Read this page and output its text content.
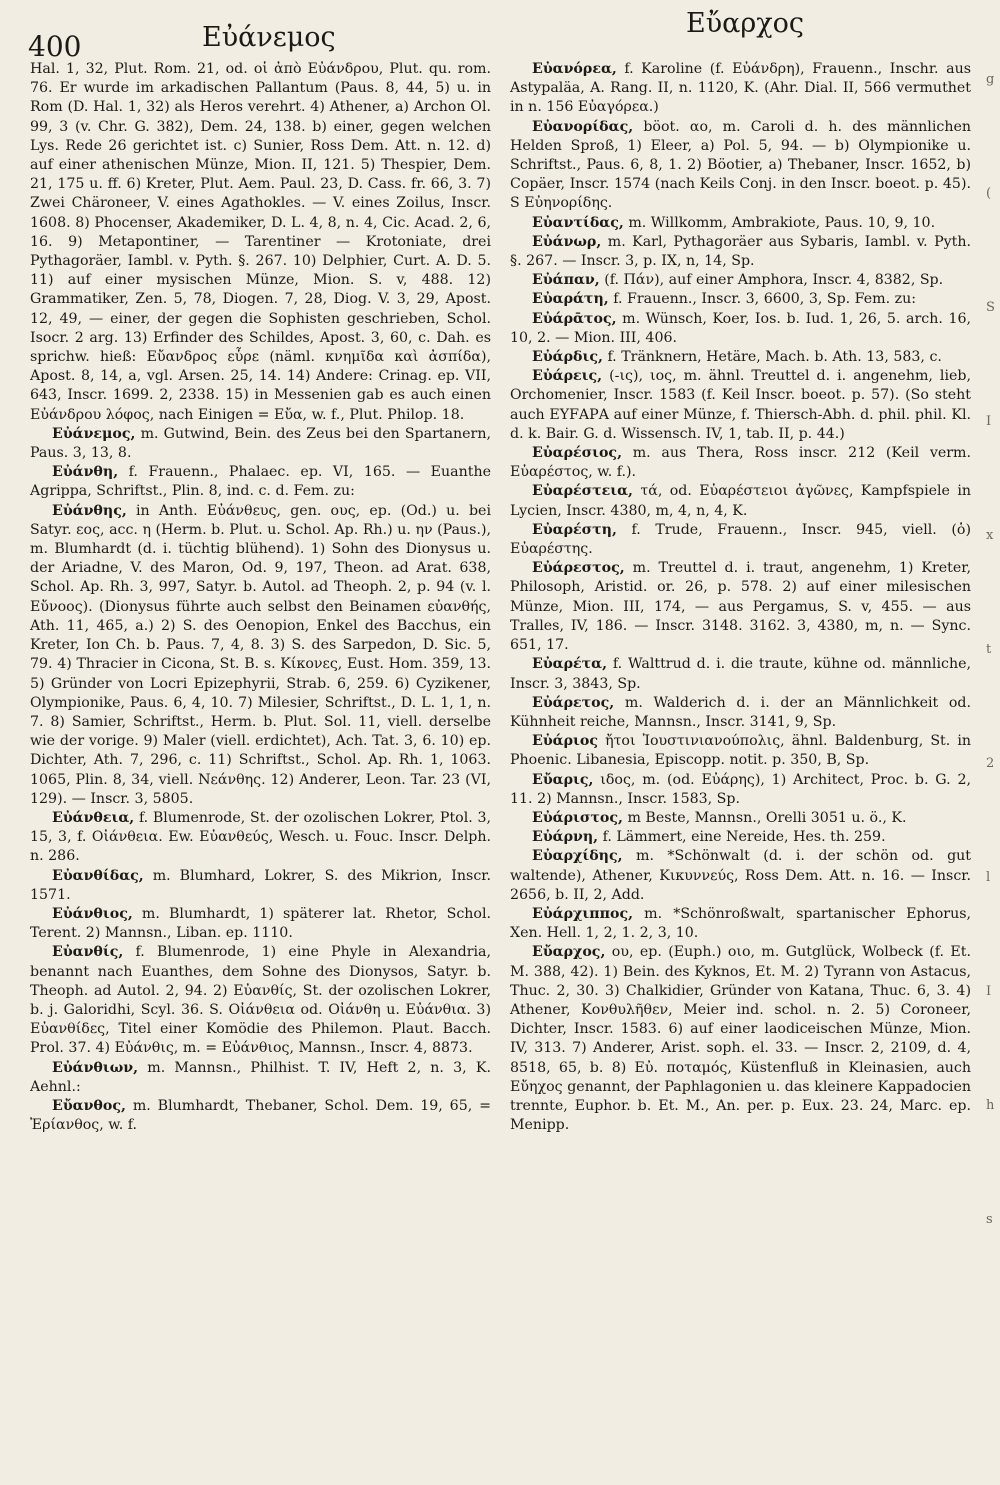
400	Εὐάνεμος	Εὔαρχος

Hal. 1, 32, Plut. Rom. 21, od. οἱ ἀπὸ Εὐάνδρου, Plut. qu. rom. 76. Er wurde im arkadischen Pallantum (Paus. 8, 44, 5) u. in Rom (D. Hal. 1, 32) als Heros verehrt. 4) Athener, a) Archon Ol. 99, 3 (v. Chr. G. 382), Dem. 24, 138. b) einer, gegen welchen Lys. Rede 26 gerichtet ist. c) Sunier, Ross Dem. Att. n. 12. d) auf einer athenischen Münze, Mion. II, 121. 5) Thespier, Dem. 21, 175 u. ff. 6) Kreter, Plut. Aem. Paul. 23, D. Cass. fr. 66, 3. 7) Zwei Chäroneer, V. eines Agathokles. — V. eines Zoilus, Inscr. 1608. 8) Phocenser, Akademiker, D. L. 4, 8, n. 4, Cic. Acad. 2, 6, 16. 9) Metapontiner, — Tarentiner — Krotoniate, drei Pythagoräer, Iambl. v. Pyth. §. 267. 10) Delphier, Curt. A. D. 5. 11) auf einer mysischen Münze, Mion. S. v, 488. 12) Grammatiker, Zen. 5, 78, Diogen. 7, 28, Diog. V. 3, 29, Apost. 12, 49, — einer, der gegen die Sophisten geschrieben, Schol. Isocr. 2 arg. 13) Erfinder des Schildes, Apost. 3, 60, c. Dah. es sprichw. hieß: Εὔανδρος εὗρε (näml. κνημῖδα καὶ ἀσπίδα), Apost. 8, 14, a, vgl. Arsen. 25, 14. 14) Andere: Crinag. ep. VII, 643, Inscr. 1699. 2, 2338. 15) in Messenien gab es auch einen Εὐάνδρου λόφος, nach Einigen = Εὔα, w. f., Plut. Philop. 18.

Εὐάνεμος, m. Gutwind, Bein. des Zeus bei den Spartanern, Paus. 3, 13, 8.

Εὐάνθη, f. Frauenn., Phalaec. ep. VI, 165. — Euanthe Agrippa, Schriftst., Plin. 8, ind. c. d. Fem. zu:

Εὐάνθης, in Anth. Εὐάνθευς, gen. ους, ep. (Od.) u. bei Satyr. εος, acc. η (Herm. b. Plut. u. Schol. Ap. Rh.) u. ην (Paus.), m. Blumhardt (d. i. tüchtig blühend). 1) Sohn des Dionysus u. der Ariadne, V. des Maron, Od. 9, 197, Theon. ad Arat. 638, Schol. Ap. Rh. 3, 997, Satyr. b. Autol. ad Theoph. 2, p. 94 (v. l. Εὔνοος). (Dionysus führte auch selbst den Beinamen εὐανθής, Ath. 11, 465, a.) 2) S. des Oenopion, Enkel des Bacchus, ein Kreter, Ion Ch. b. Paus. 7, 4, 8. 3) S. des Sarpedon, D. Sic. 5, 79. 4) Thracier in Cicona, St. B. s. Κίκονες, Eust. Hom. 359, 13. 5) Gründer von Locri Epizephyrii, Strab. 6, 259. 6) Cyzikener, Olympionike, Paus. 6, 4, 10. 7) Milesier, Schriftst., D. L. 1, 1, n. 7. 8) Samier, Schriftst., Herm. b. Plut. Sol. 11, viell. derselbe wie der vorige. 9) Maler (viell. erdichtet), Ach. Tat. 3, 6. 10) ep. Dichter, Ath. 7, 296, c. 11) Schriftst., Schol. Ap. Rh. 1, 1063. 1065, Plin. 8, 34, viell. Νεάνθης. 12) Anderer, Leon. Tar. 23 (VI, 129). — Inscr. 3, 5805.

Εὐάνθεια, f. Blumenrode, St. der ozolischen Lokrer, Ptol. 3, 15, 3, f. Οἰάνθεια. Ew. Εὐανθεύς, Wesch. u. Fouc. Inscr. Delph. n. 286.

Εὐανθίδας, m. Blumhard, Lokrer, S. des Mikrion, Inscr. 1571.

Εὐάνθιος, m. Blumhardt, 1) späterer lat. Rhetor, Schol. Terent. 2) Mannsn., Liban. ep. 1110.

Εὐανθίς, f. Blumenrode, 1) eine Phyle in Alexandria, benannt nach Euanthes, dem Sohne des Dionysos, Satyr. b. Theoph. ad Autol. 2, 94. 2) Εὐανθίς, St. der ozolischen Lokrer, b. j. Galoridhi, Scyl. 36. S. Οἰάνθεια od. Οἰάνθη u. Εὐάνθια. 3) Εὐανθίδες, Titel einer Komödie des Philemon. Plaut. Bacch. Prol. 37. 4) Εὐάνθις, m. = Εὐάνθιος, Mannsn., Inscr. 4, 8873.

Εὐάνθιων, m. Mannsn., Philhist. T. IV, Heft 2, n. 3, K. Aehnl.:

Εὔανθος, m. Blumhardt, Thebaner, Schol. Dem. 19, 65, = Ἐρίανθος, w. f.

Εὐανόρεα, f. Karoline (f. Εὐάνδρη), Frauenn., Inschr. aus Astypaläa, A. Rang. II, n. 1120, K. (Ahr. Dial. II, 566 vermuthet in n. 156 Εὐαγόρεα.)

Εὐανορίδας, böot. αο, m. Caroli d. h. des männlichen Helden Sproß, 1) Eleer, a) Pol. 5, 94. — b) Olympionike u. Schriftst., Paus. 6, 8, 1. 2) Böotier, a) Thebaner, Inscr. 1652, b) Copäer, Inscr. 1574 (nach Keils Conj. in den Inscr. boeot. p. 45). S Εὐηνορίδης.

Εὐαντίδας, m. Willkomm, Ambrakiote, Paus. 10, 9, 10.

Εὐάνωρ, m. Karl, Pythagoräer aus Sybaris, Iambl. v. Pyth. §. 267. — Inscr. 3, p. IX, n, 14, Sp.

Εὐάπαν, (f. Πάν), auf einer Amphora, Inscr. 4, 8382, Sp.

Εὐαράτη, f. Frauenn., Inscr. 3, 6600, 3, Sp. Fem. zu:

Εὐάρᾱτος, m. Wünsch, Koer, Ios. b. Iud. 1, 26, 5. arch. 16, 10, 2. — Mion. III, 406.

Εὐάρδις, f. Tränknern, Hetäre, Mach. b. Ath. 13, 583, c.

Εὐάρεις, (-ις), ιος, m. ähnl. Treuttel d. i. angenehm, lieb, Orchomenier, Inscr. 1583 (f. Keil Inscr. boeot. p. 57). (So steht auch ΕΥFΑΡΑ auf einer Münze, f. Thiersch-Abh. d. phil. phil. Kl. d. k. Bair. G. d. Wissensch. IV, 1, tab. II, p. 44.)

Εὐαρέσιος, m. aus Thera, Ross inscr. 212 (Keil verm. Εὐαρέστος, w. f.).

Εὐαρέστεια, τά, od. Εὐαρέστειοι ἀγῶνες, Kampfspiele in Lycien, Inscr. 4380, m, 4, n, 4, K.

Εὐαρέστη, f. Trude, Frauenn., Inscr. 945, viell. (ὁ) Εὐαρέστης.

Εὐάρεστος, m. Treuttel d. i. traut, angenehm, 1) Kreter, Philosoph, Aristid. or. 26, p. 578. 2) auf einer milesischen Münze, Mion. III, 174, — aus Pergamus, S. v, 455. — aus Tralles, IV, 186. — Inscr. 3148. 3162. 3, 4380, m, n. — Sync. 651, 17.

Εὐαρέτα, f. Walttrud d. i. die traute, kühne od. männliche, Inscr. 3, 3843, Sp.

Εὐάρετος, m. Walderich d. i. der an Männlichkeit od. Kühnheit reiche, Mannsn., Inscr. 3141, 9, Sp.

Εὐάριος ἤτοι Ἰουστινιανούπολις, ähnl. Baldenburg, St. in Phoenic. Libanesia, Episcopp. notit. p. 350, B, Sp.

Εὔαρις, ιδος, m. (od. Εὐάρης), 1) Architect, Proc. b. G. 2, 11. 2) Mannsn., Inscr. 1583, Sp.

Εὐάριστος, m Beste, Mannsn., Orelli 3051 u. ö., K.

Εὐάρνη, f. Lämmert, eine Nereide, Hes. th. 259.

Εὐαρχίδης, m. *Schönwalt (d. i. der schön od. gut waltende), Athener, Κικυννεύς, Ross Dem. Att. n. 16. — Inscr. 2656, b. II, 2, Add.

Εὐάρχιππος, m. *Schönroßwalt, spartanischer Ephorus, Xen. Hell. 1, 2, 1. 2, 3, 10.

Εὔαρχος, ου, ep. (Euph.) οιο, m. Gutglück, Wolbeck (f. Et. M. 388, 42). 1) Bein. des Kyknos, Et. M. 2) Tyrann von Astacus, Thuc. 2, 30. 3) Chalkidier, Gründer von Katana, Thuc. 6, 3. 4) Athener, Κονθυλῆθεν, Meier ind. schol. n. 2. 5) Coroneer, Dichter, Inscr. 1583. 6) auf einer laodiceischen Münze, Mion. IV, 313. 7) Anderer, Arist. soph. el. 33. — Inscr. 2, 2109, d. 4, 8518, 65, b. 8) Εὐ. ποταμός, Küstenfluß in Kleinasien, auch Εὔηχος genannt, der Paphlagonien u. das kleinere Kappadocien trennte, Euphor. b. Et. M., An. per. p. Eux. 23. 24, Marc. ep. Menipp.

g
(
S
I
x
t
2
l
I
h
s
